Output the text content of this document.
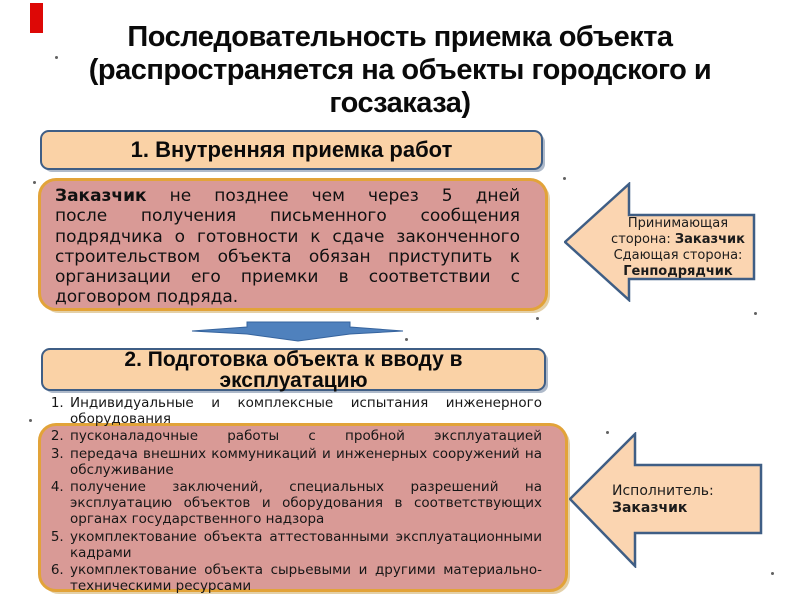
Последовательность приемка объекта
(распространяется на объекты городского и
госзаказа)
1. Внутренняя приемка работ
Заказчик не позднее чем через 5 дней
после получения письменного сообщения
подрядчика о готовности к сдаче законченного
строительством объекта обязан приступить к
организации его приемки в соответствии с
договором подряда.
Принимающая
сторона: Заказчик
Сдающая сторона:
Генподрядчик
2. Подготовка объекта к вводу в эксплуатацию
1. Индивидуальные и комплексные испытания инженерного оборудования
2. пусконаладочные работы с пробной эксплуатацией
3. передача внешних коммуникаций и инженерных сооружений на обслуживание
4. получение заключений, специальных разрешений на эксплуатацию объектов и оборудования в соответствующих органах государственного надзора
5. укомплектование объекта аттестованными эксплуатационными кадрами
6. укомплектование объекта сырьевыми и другими материально-техническими ресурсами
Исполнитель:
Заказчик
